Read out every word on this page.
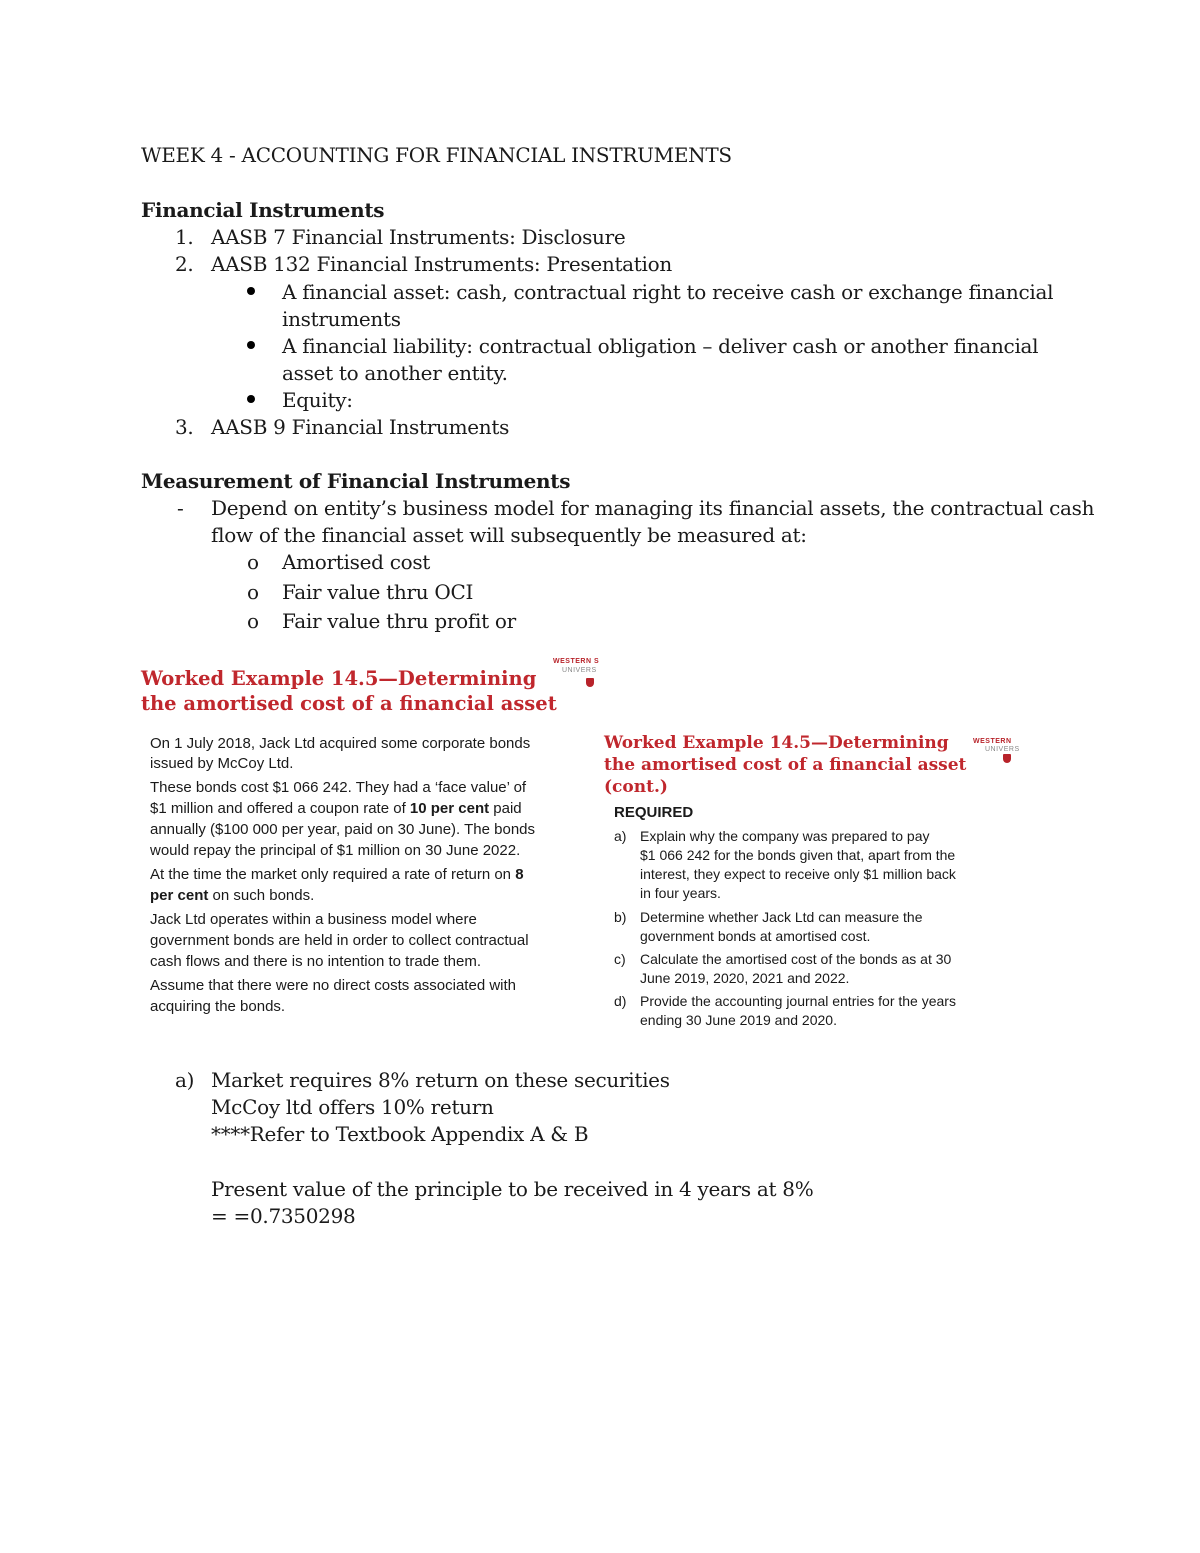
WEEK 4 - ACCOUNTING FOR FINANCIAL INSTRUMENTS
Financial Instruments
1. AASB 7 Financial Instruments: Disclosure
2. AASB 132 Financial Instruments: Presentation
A financial asset: cash, contractual right to receive cash or exchange financial
instruments
A financial liability: contractual obligation – deliver cash or another financial
asset to another entity.
Equity:
3. AASB 9 Financial Instruments
Measurement of Financial Instruments
- Depend on entity’s business model for managing its financial assets, the contractual cash
flow of the financial asset will subsequently be measured at:
o Amortised cost
o Fair value thru OCI
o Fair value thru profit or
Worked Example 14.5—Determining
the amortised cost of a financial asset
WESTERN S
UNIVERS
On 1 July 2018, Jack Ltd acquired some corporate bonds
issued by McCoy Ltd.
These bonds cost $1 066 242. They had a ‘face value’ of
$1 million and offered a coupon rate of 10 per cent paid
annually ($100 000 per year, paid on 30 June). The bonds
would repay the principal of $1 million on 30 June 2022.
At the time the market only required a rate of return on 8
per cent on such bonds.
Jack Ltd operates within a business model where
government bonds are held in order to collect contractual
cash flows and there is no intention to trade them.
Assume that there were no direct costs associated with
acquiring the bonds.
Worked Example 14.5—Determining
the amortised cost of a financial asset
(cont.)
WESTERN
UNIVERS
REQUIRED
a) Explain why the company was prepared to pay
$1 066 242 for the bonds given that, apart from the
interest, they expect to receive only $1 million back
in four years.
b) Determine whether Jack Ltd can measure the
government bonds at amortised cost.
c) Calculate the amortised cost of the bonds as at 30
June 2019, 2020, 2021 and 2022.
d) Provide the accounting journal entries for the years
ending 30 June 2019 and 2020.
a) Market requires 8% return on these securities
McCoy ltd offers 10% return
****Refer to Textbook Appendix A & B
Present value of the principle to be received in 4 years at 8%
= =0.7350298
